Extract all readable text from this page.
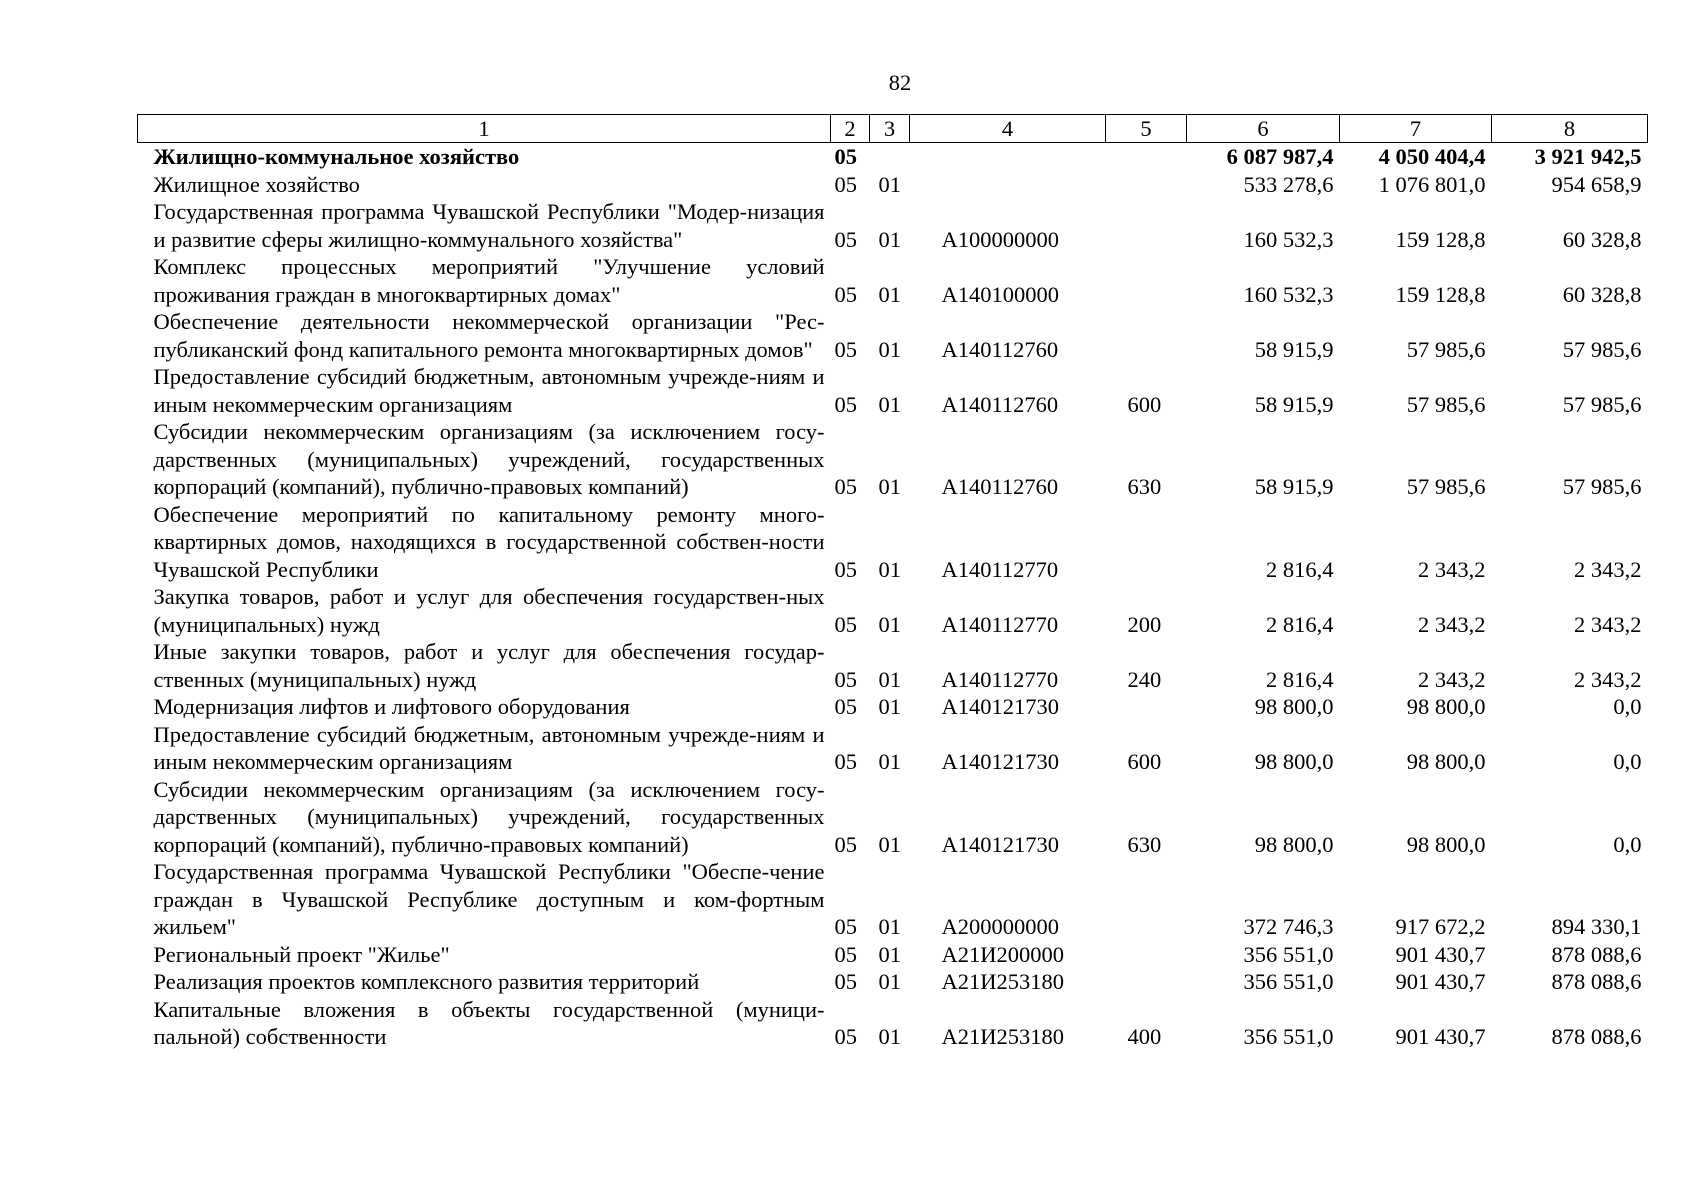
82
1	2	3	4	5	6	7	8
Жилищно-коммунальное хозяйство	05				6 087 987,4	4 050 404,4	3 921 942,5
Жилищное хозяйство	05	01			533 278,6	1 076 801,0	954 658,9
Государственная программа Чувашской Республики "Модер-низация и развитие сферы жилищно-коммунального хозяйства"	05	01	А100000000		160 532,3	159 128,8	60 328,8
Комплекс процессных мероприятий "Улучшение условий проживания граждан в многоквартирных домах"	05	01	А140100000		160 532,3	159 128,8	60 328,8
Обеспечение деятельности некоммерческой организации "Рес-публиканский фонд капитального ремонта многоквартирных домов"	05	01	А140112760		58 915,9	57 985,6	57 985,6
Предоставление субсидий бюджетным, автономным учрежде-ниям и иным некоммерческим организациям	05	01	А140112760	600	58 915,9	57 985,6	57 985,6
Субсидии некоммерческим организациям (за исключением госу-дарственных (муниципальных) учреждений, государственных корпораций (компаний), публично-правовых компаний)	05	01	А140112760	630	58 915,9	57 985,6	57 985,6
Обеспечение мероприятий по капитальному ремонту много-квартирных домов, находящихся в государственной собствен-ности Чувашской Республики	05	01	А140112770		2 816,4	2 343,2	2 343,2
Закупка товаров, работ и услуг для обеспечения государствен-ных (муниципальных) нужд	05	01	А140112770	200	2 816,4	2 343,2	2 343,2
Иные закупки товаров, работ и услуг для обеспечения государ-ственных (муниципальных) нужд	05	01	А140112770	240	2 816,4	2 343,2	2 343,2
Модернизация лифтов и лифтового оборудования	05	01	А140121730		98 800,0	98 800,0	0,0
Предоставление субсидий бюджетным, автономным учрежде-ниям и иным некоммерческим организациям	05	01	А140121730	600	98 800,0	98 800,0	0,0
Субсидии некоммерческим организациям (за исключением госу-дарственных (муниципальных) учреждений, государственных корпораций (компаний), публично-правовых компаний)	05	01	А140121730	630	98 800,0	98 800,0	0,0
Государственная программа Чувашской Республики "Обеспе-чение граждан в Чувашской Республике доступным и ком-фортным жильем"	05	01	А200000000		372 746,3	917 672,2	894 330,1
Региональный проект "Жилье"	05	01	А21И200000		356 551,0	901 430,7	878 088,6
Реализация проектов комплексного развития территорий	05	01	А21И253180		356 551,0	901 430,7	878 088,6
Капитальные вложения в объекты государственной (муници-пальной) собственности	05	01	А21И253180	400	356 551,0	901 430,7	878 088,6
